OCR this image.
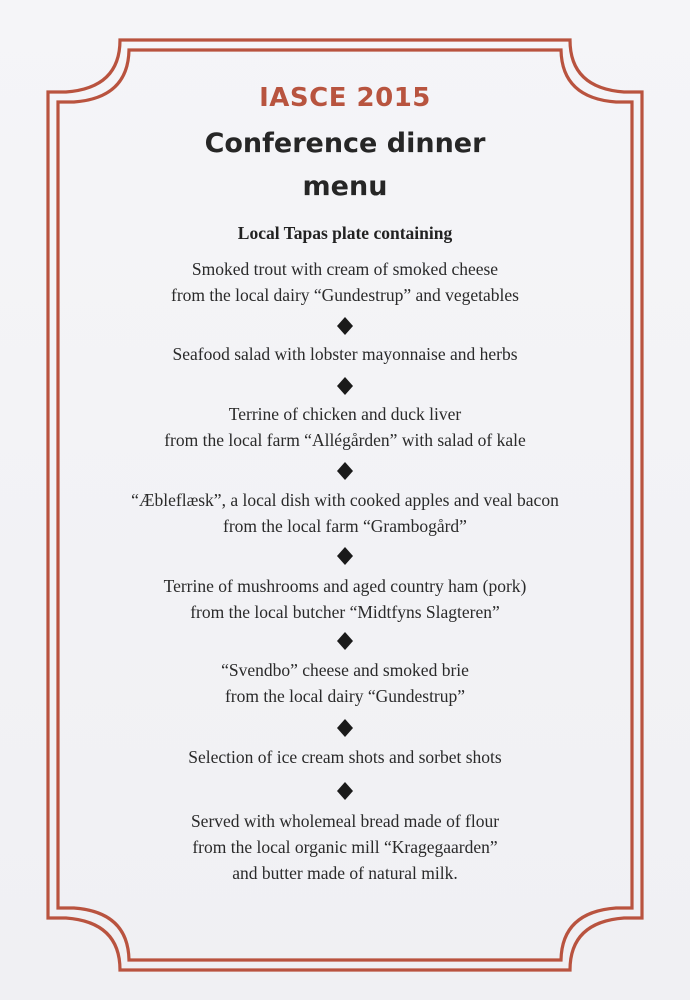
IASCE 2015
Conference dinner
menu
Local Tapas plate containing
Smoked trout with cream of smoked cheese
from the local dairy “Gundestrup” and vegetables
Seafood salad with lobster mayonnaise and herbs
Terrine of chicken and duck liver
from the local farm “Allégården” with salad of kale
“Æbleflæsk”, a local dish with cooked apples and veal bacon
from the local farm “Grambogård”
Terrine of mushrooms and aged country ham (pork)
from the local butcher “Midtfyns Slagteren”
“Svendbo” cheese and smoked brie
from the local dairy “Gundestrup”
Selection of ice cream shots and sorbet shots
Served with wholemeal bread made of flour
from the local organic mill “Kragegaarden”
and butter made of natural milk.
